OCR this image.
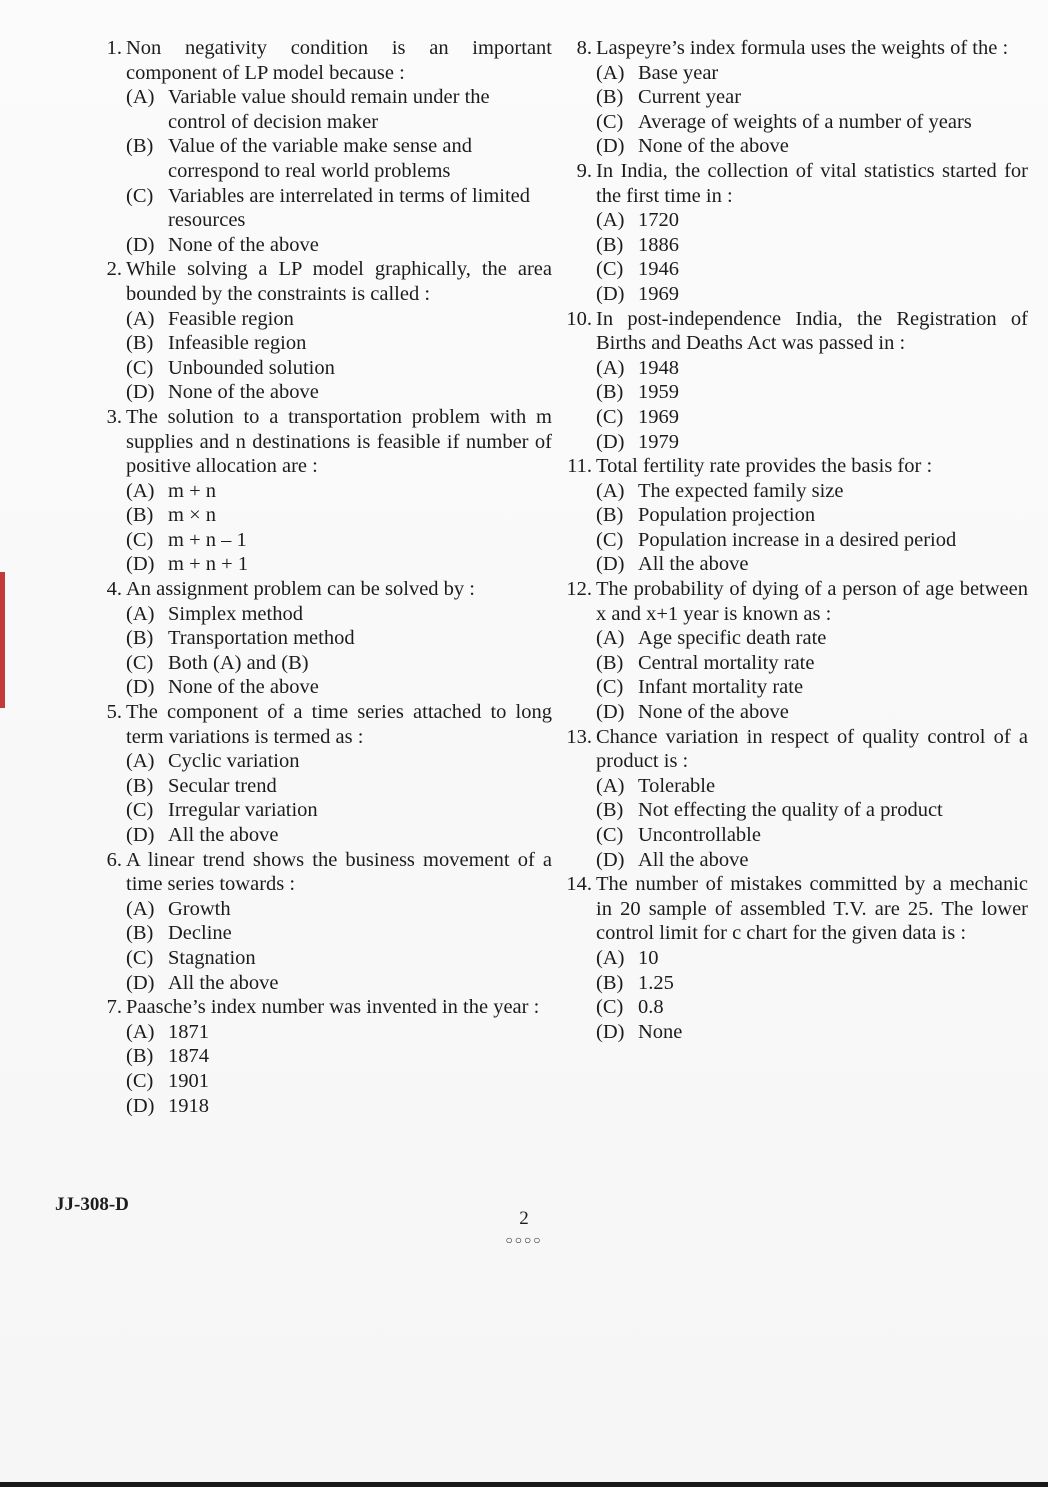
1. Non negativity condition is an important component of LP model because :
(A) Variable value should remain under the control of decision maker
(B) Value of the variable make sense and correspond to real world problems
(C) Variables are interrelated in terms of limited resources
(D) None of the above
2. While solving a LP model graphically, the area bounded by the constraints is called :
(A) Feasible region
(B) Infeasible region
(C) Unbounded solution
(D) None of the above
3. The solution to a transportation problem with m supplies and n destinations is feasible if number of positive allocation are :
(A) m + n
(B) m × n
(C) m + n – 1
(D) m + n + 1
4. An assignment problem can be solved by :
(A) Simplex method
(B) Transportation method
(C) Both (A) and (B)
(D) None of the above
5. The component of a time series attached to long term variations is termed as :
(A) Cyclic variation
(B) Secular trend
(C) Irregular variation
(D) All the above
6. A linear trend shows the business movement of a time series towards :
(A) Growth
(B) Decline
(C) Stagnation
(D) All the above
7. Paasche’s index number was invented in the year :
(A) 1871
(B) 1874
(C) 1901
(D) 1918
8. Laspeyre’s index formula uses the weights of the :
(A) Base year
(B) Current year
(C) Average of weights of a number of years
(D) None of the above
9. In India, the collection of vital statistics started for the first time in :
(A) 1720
(B) 1886
(C) 1946
(D) 1969
10. In post-independence India, the Registration of Births and Deaths Act was passed in :
(A) 1948
(B) 1959
(C) 1969
(D) 1979
11. Total fertility rate provides the basis for :
(A) The expected family size
(B) Population projection
(C) Population increase in a desired period
(D) All the above
12. The probability of dying of a person of age between x and x+1 year is known as :
(A) Age specific death rate
(B) Central mortality rate
(C) Infant mortality rate
(D) None of the above
13. Chance variation in respect of quality control of a product is :
(A) Tolerable
(B) Not effecting the quality of a product
(C) Uncontrollable
(D) All the above
14. The number of mistakes committed by a mechanic in 20 sample of assembled T.V. are 25. The lower control limit for c chart for the given data is :
(A) 10
(B) 1.25
(C) 0.8
(D) None
JJ-308-D
2
○○○○
